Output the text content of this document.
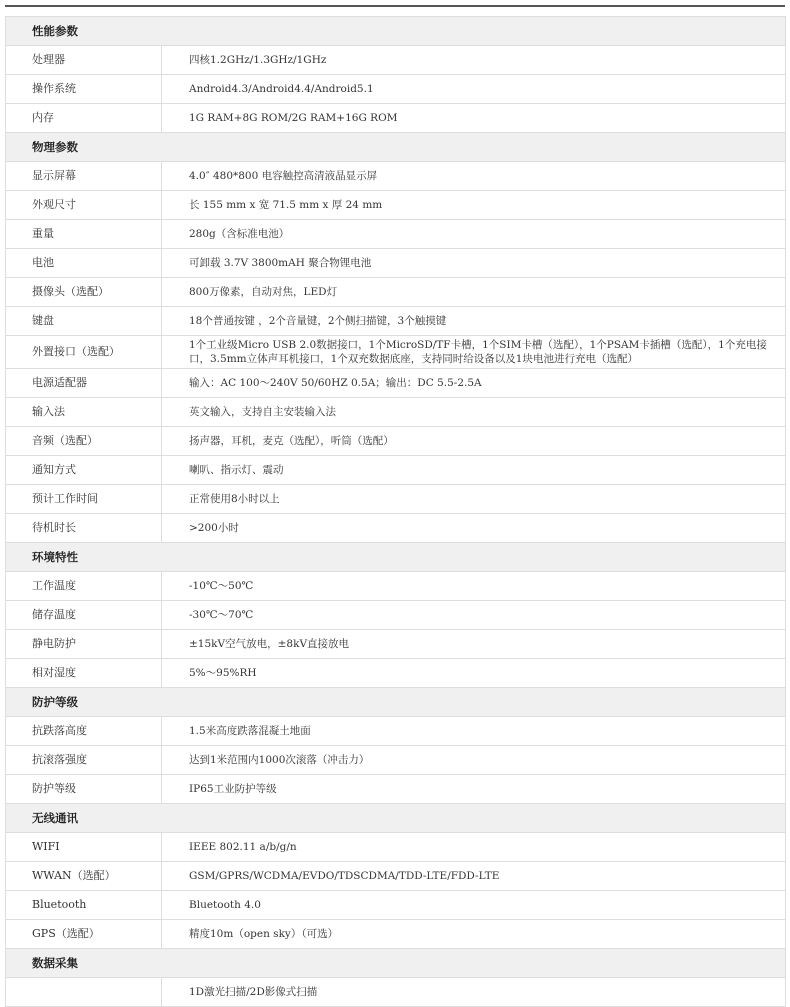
性能参数	
处理器	四核1.2GHz/1.3GHz/1GHz
操作系统	Android4.3/Android4.4/Android5.1
内存	1G RAM+8G ROM/2G RAM+16G ROM
物理参数	
显示屏幕	4.0″ 480*800 电容触控高清液晶显示屏
外观尺寸	长 155 mm x 宽 71.5 mm x 厚 24 mm
重量	280g（含标准电池）
电池	可卸载 3.7V 3800mAH 聚合物锂电池
摄像头（选配）	800万像素，自动对焦，LED灯
键盘	18个普通按键 ，2个音量键，2个侧扫描键，3个触摸键
外置接口（选配）	1个工业级Micro USB 2.0数据接口，1个MicroSD/TF卡槽，1个SIM卡槽（选配），1个PSAM卡插槽（选配），1个充电接口，3.5mm立体声耳机接口，1个双充数据底座，支持同时给设备以及1块电池进行充电（选配）
电源适配器	输入：AC 100～240V 50/60HZ 0.5A；输出：DC 5.5-2.5A
输入法	英文输入，支持自主安装输入法
音频（选配）	扬声器，耳机，麦克（选配），听筒（选配）
通知方式	喇叭、指示灯、震动
预计工作时间	正常使用8小时以上
待机时长	>200小时
环境特性	
工作温度	-10℃～50℃
储存温度	-30℃～70℃
静电防护	±15kV空气放电，±8kV直接放电
相对湿度	5%～95%RH
防护等级	
抗跌落高度	1.5米高度跌落混凝土地面
抗滚落强度	达到1米范围内1000次滚落（冲击力）
防护等级	IP65工业防护等级
无线通讯	
WIFI	IEEE 802.11 a/b/g/n
WWAN（选配）	GSM/GPRS/WCDMA/EVDO/TDSCDMA/TDD-LTE/FDD-LTE
Bluetooth	Bluetooth 4.0
GPS（选配）	精度10m（open sky）（可选）
数据采集	
	1D激光扫描/2D影像式扫描
